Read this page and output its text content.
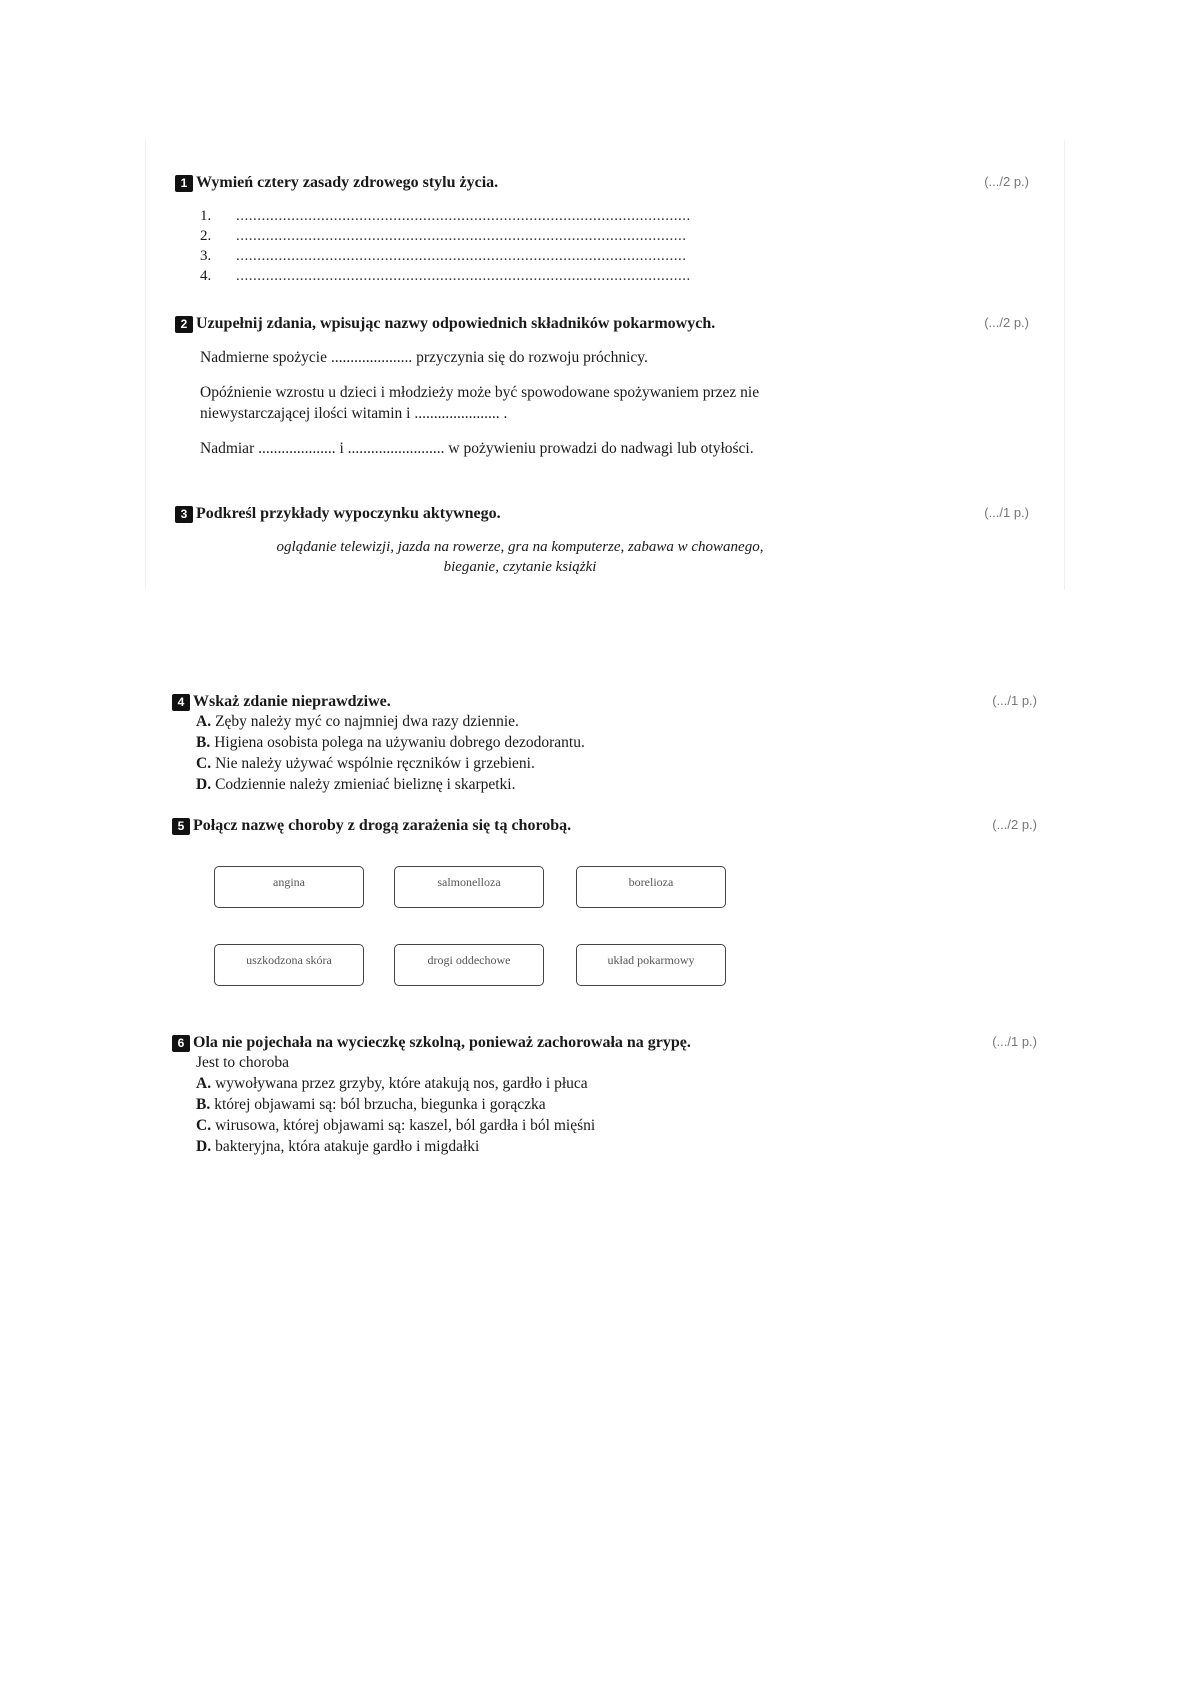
1 Wymień cztery zasady zdrowego stylu życia.	(.../2 p.)
1. ...........................................................................................................
2. ..........................................................................................................
3. ..........................................................................................................
4. ...........................................................................................................
2 Uzupełnij zdania, wpisując nazwy odpowiednich składników pokarmowych.	(.../2 p.)
Nadmierne spożycie ..................... przyczynia się do rozwoju próchnicy.
Opóźnienie wzrostu u dzieci i młodzieży może być spowodowane spożywaniem przez nie niewystarczającej ilości witamin i ...................... .
Nadmiar .................... i ......................... w pożywieniu prowadzi do nadwagi lub otyłości.
3 Podkreśl przykłady wypoczynku aktywnego.	(.../1 p.)
oglądanie telewizji, jazda na rowerze, gra na komputerze, zabawa w chowanego,
bieganie, czytanie książki
4 Wskaż zdanie nieprawdziwe.	(.../1 p.)
A. Zęby należy myć co najmniej dwa razy dziennie.
B. Higiena osobista polega na używaniu dobrego dezodorantu.
C. Nie należy używać wspólnie ręczników i grzebieni.
D. Codziennie należy zmieniać bieliznę i skarpetki.
5 Połącz nazwę choroby z drogą zarażenia się tą chorobą.	(.../2 p.)
angina	salmonelloza	borelioza
uszkodzona skóra	drogi oddechowe	układ pokarmowy
6 Ola nie pojechała na wycieczkę szkolną, ponieważ zachorowała na grypę.	(.../1 p.)
Jest to choroba
A. wywoływana przez grzyby, które atakują nos, gardło i płuca
B. której objawami są: ból brzucha, biegunka i gorączka
C. wirusowa, której objawami są: kaszel, ból gardła i ból mięśni
D. bakteryjna, która atakuje gardło i migdałki
